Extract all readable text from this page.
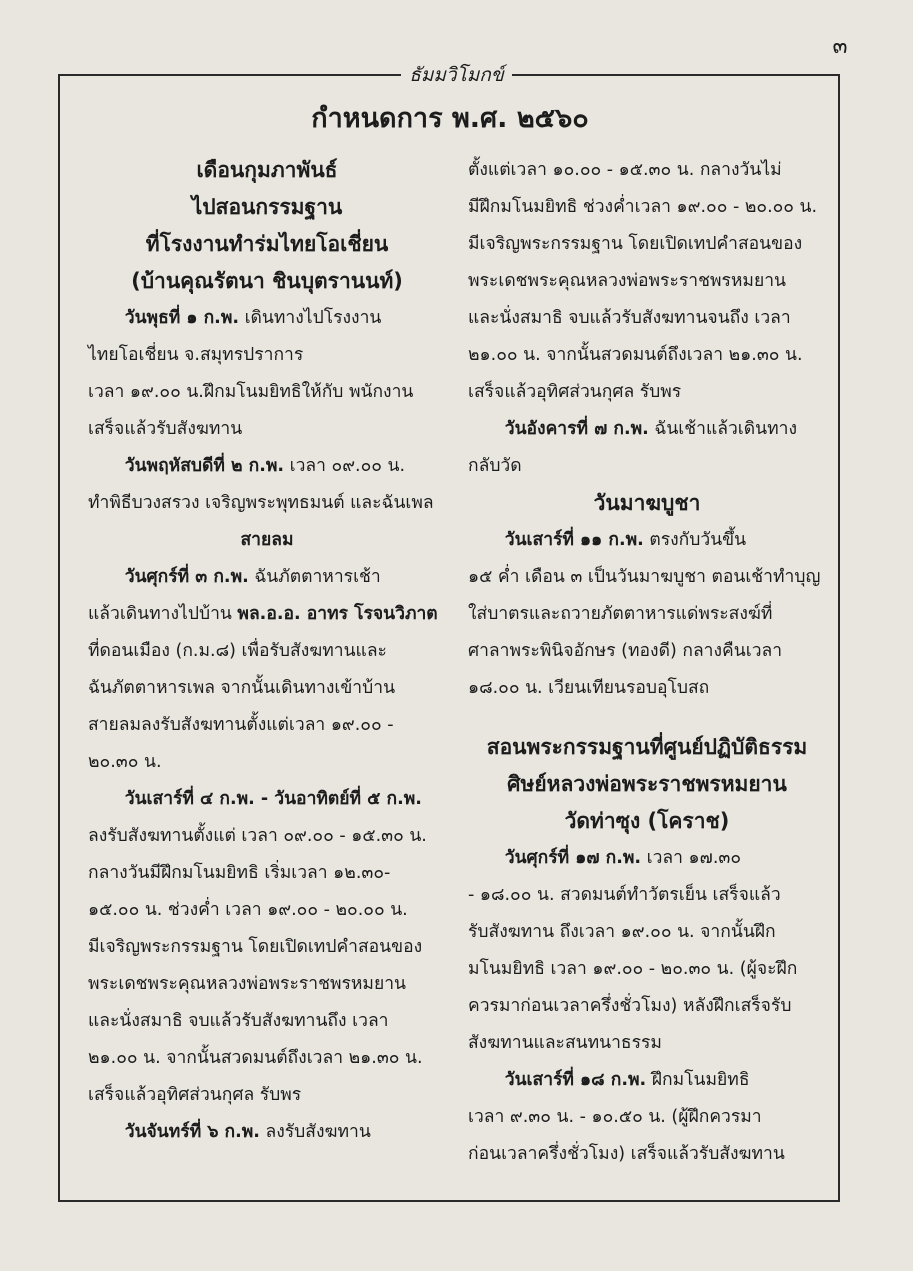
๓
ธัมมวิโมกข์
กำหนดการ พ.ศ. ๒๕๖๐

เดือนกุมภาพันธ์

ไปสอนกรรมฐาน

ที่โรงงานทำร่มไทยโอเชี่ยน

(บ้านคุณรัตนา ชินบุตรานนท์)

วันพุธที่ ๑ ก.พ. เดินทางไปโรงงาน

ไทยโอเชี่ยน จ.สมุทรปราการ

เวลา ๑๙.๐๐ น.ฝึกมโนมยิทธิให้กับ พนักงาน

เสร็จแล้วรับสังฆทาน

วันพฤหัสบดีที่ ๒ ก.พ. เวลา ๐๙.๐๐ น.

ทำพิธีบวงสรวง เจริญพระพุทธมนต์ และฉันเพล

สายลม

วันศุกร์ที่ ๓ ก.พ. ฉันภัตตาหารเช้า

แล้วเดินทางไปบ้าน พล.อ.อ. อาทร โรจนวิภาต

ที่ดอนเมือง (ก.ม.๘) เพื่อรับสังฆทานและ

ฉันภัตตาหารเพล จากนั้นเดินทางเข้าบ้าน

สายลมลงรับสังฆทานตั้งแต่เวลา ๑๙.๐๐ -

๒๐.๓๐ น.

วันเสาร์ที่ ๔ ก.พ. - วันอาทิตย์ที่ ๕ ก.พ.

ลงรับสังฆทานตั้งแต่ เวลา ๐๙.๐๐ - ๑๕.๓๐ น.

กลางวันมีฝึกมโนมยิทธิ เริ่มเวลา ๑๒.๓๐-

๑๕.๐๐ น. ช่วงค่ำ เวลา ๑๙.๐๐ - ๒๐.๐๐ น.

มีเจริญพระกรรมฐาน โดยเปิดเทปคำสอนของ

พระเดชพระคุณหลวงพ่อพระราชพรหมยาน

และนั่งสมาธิ จบแล้วรับสังฆทานถึง เวลา

๒๑.๐๐ น. จากนั้นสวดมนต์ถึงเวลา ๒๑.๓๐ น.

เสร็จแล้วอุทิศส่วนกุศล รับพร

วันจันทร์ที่ ๖ ก.พ. ลงรับสังฆทาน

ตั้งแต่เวลา ๑๐.๐๐ - ๑๕.๓๐ น. กลางวันไม่

มีฝึกมโนมยิทธิ ช่วงค่ำเวลา ๑๙.๐๐ - ๒๐.๐๐ น.

มีเจริญพระกรรมฐาน โดยเปิดเทปคำสอนของ

พระเดชพระคุณหลวงพ่อพระราชพรหมยาน

และนั่งสมาธิ จบแล้วรับสังฆทานจนถึง เวลา

๒๑.๐๐ น. จากนั้นสวดมนต์ถึงเวลา ๒๑.๓๐ น.

เสร็จแล้วอุทิศส่วนกุศล รับพร

วันอังคารที่ ๗ ก.พ. ฉันเช้าแล้วเดินทาง

กลับวัด

วันมาฆบูชา

วันเสาร์ที่ ๑๑ ก.พ. ตรงกับวันขึ้น

๑๕ ค่ำ เดือน ๓ เป็นวันมาฆบูชา ตอนเช้าทำบุญ

ใส่บาตรและถวายภัตตาหารแด่พระสงฆ์ที่

ศาลาพระพินิจอักษร (ทองดี) กลางคืนเวลา

๑๘.๐๐ น. เวียนเทียนรอบอุโบสถ

สอนพระกรรมฐานที่ศูนย์ปฏิบัติธรรม

ศิษย์หลวงพ่อพระราชพรหมยาน

วัดท่าซุง (โคราช)

วันศุกร์ที่ ๑๗ ก.พ. เวลา ๑๗.๓๐

- ๑๘.๐๐ น. สวดมนต์ทำวัตรเย็น เสร็จแล้ว

รับสังฆทาน ถึงเวลา ๑๙.๐๐ น. จากนั้นฝึก

มโนมยิทธิ เวลา ๑๙.๐๐ - ๒๐.๓๐ น. (ผู้จะฝึก

ควรมาก่อนเวลาครึ่งชั่วโมง) หลังฝึกเสร็จรับ

สังฆทานและสนทนาธรรม

วันเสาร์ที่ ๑๘ ก.พ. ฝึกมโนมยิทธิ

เวลา ๙.๓๐ น. - ๑๐.๕๐ น. (ผู้ฝึกควรมา

ก่อนเวลาครึ่งชั่วโมง) เสร็จแล้วรับสังฆทาน
